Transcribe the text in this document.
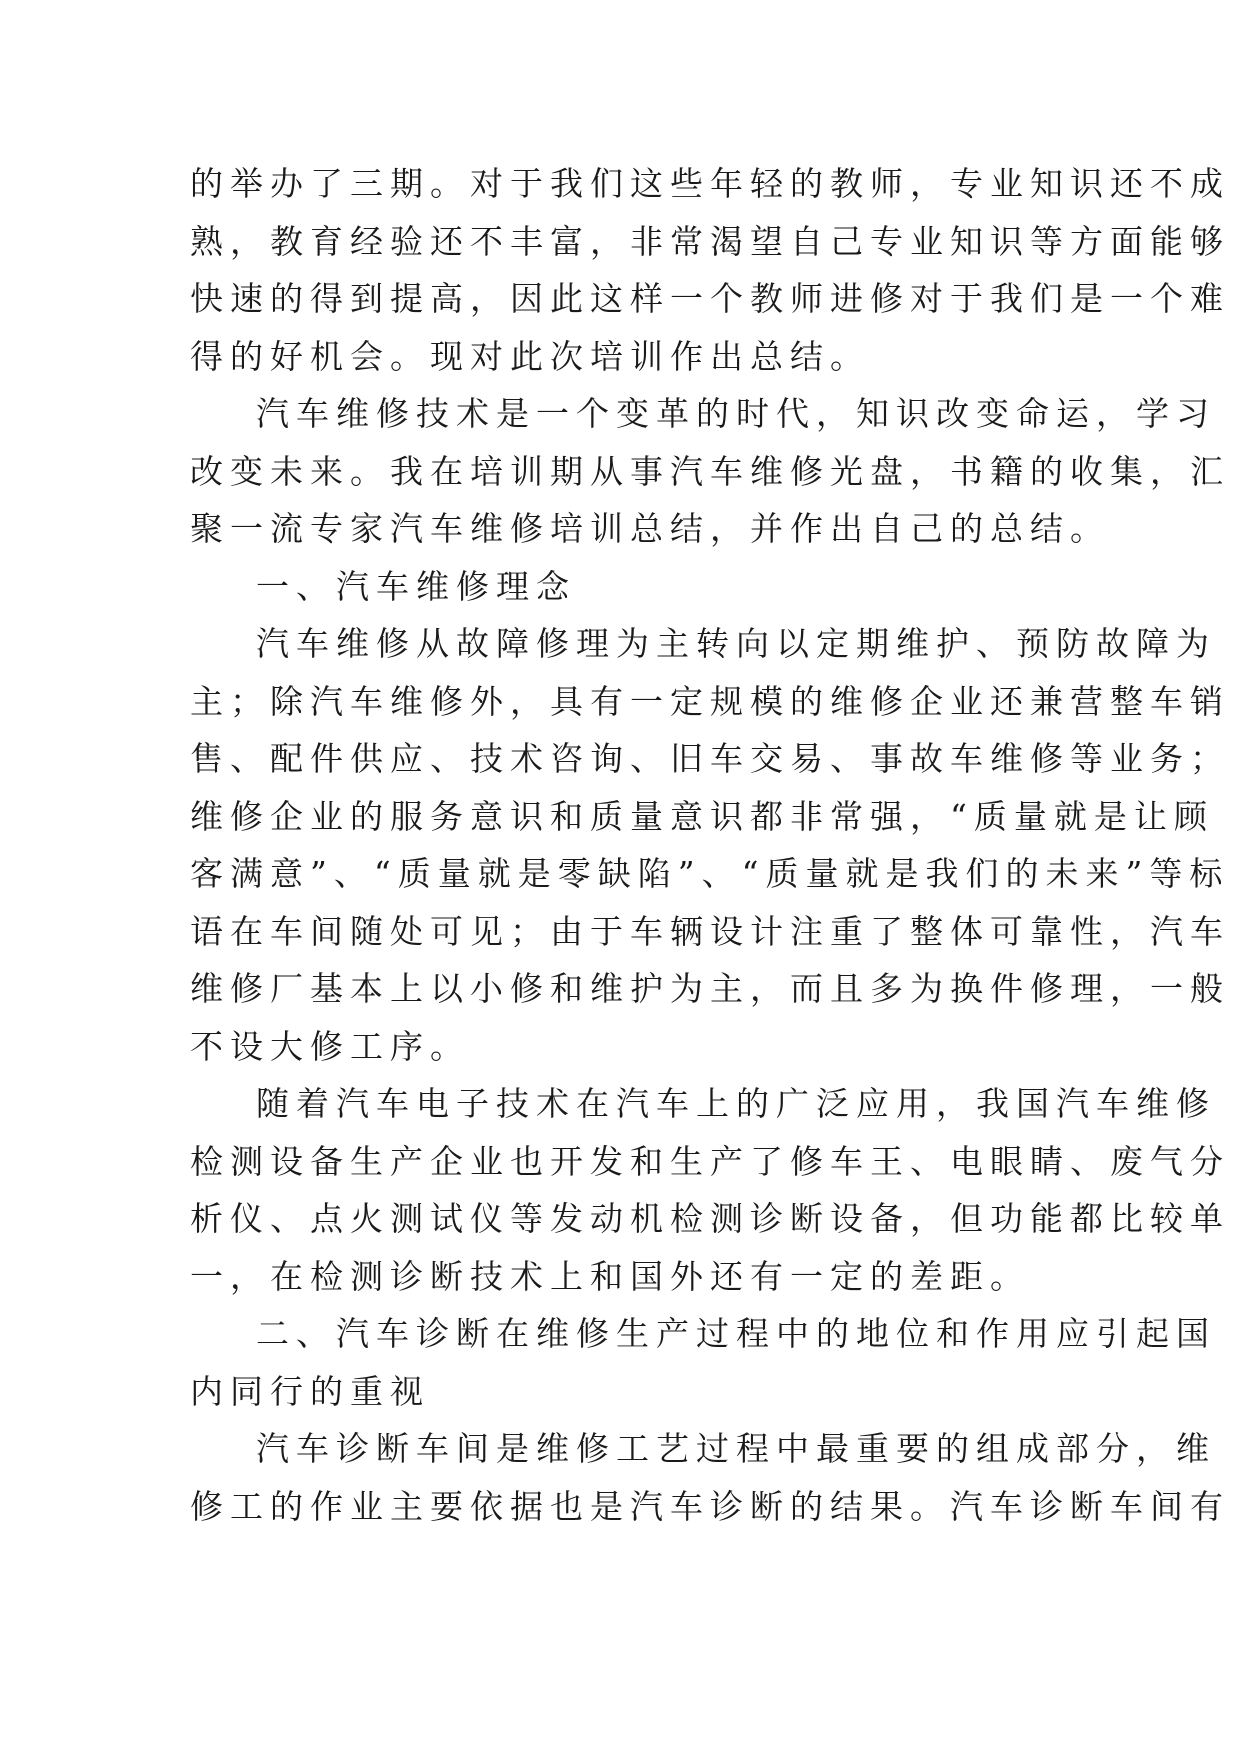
的举办了三期。对于我们这些年轻的教师，专业知识还不成
熟，教育经验还不丰富，非常渴望自己专业知识等方面能够
快速的得到提高，因此这样一个教师进修对于我们是一个难
得的好机会。现对此次培训作出总结。

汽车维修技术是一个变革的时代，知识改变命运，学习
改变未来。我在培训期从事汽车维修光盘，书籍的收集，汇
聚一流专家汽车维修培训总结，并作出自己的总结。

一、汽车维修理念

汽车维修从故障修理为主转向以定期维护、预防故障为
主；除汽车维修外，具有一定规模的维修企业还兼营整车销
售、配件供应、技术咨询、旧车交易、事故车维修等业务；
维修企业的服务意识和质量意识都非常强，“质量就是让顾
客满意”、“质量就是零缺陷”、“质量就是我们的未来”等标
语在车间随处可见；由于车辆设计注重了整体可靠性，汽车
维修厂基本上以小修和维护为主，而且多为换件修理，一般
不设大修工序。

随着汽车电子技术在汽车上的广泛应用，我国汽车维修
检测设备生产企业也开发和生产了修车王、电眼睛、废气分
析仪、点火测试仪等发动机检测诊断设备，但功能都比较单
一，在检测诊断技术上和国外还有一定的差距。

二、汽车诊断在维修生产过程中的地位和作用应引起国
内同行的重视

汽车诊断车间是维修工艺过程中最重要的组成部分，维
修工的作业主要依据也是汽车诊断的结果。汽车诊断车间有
